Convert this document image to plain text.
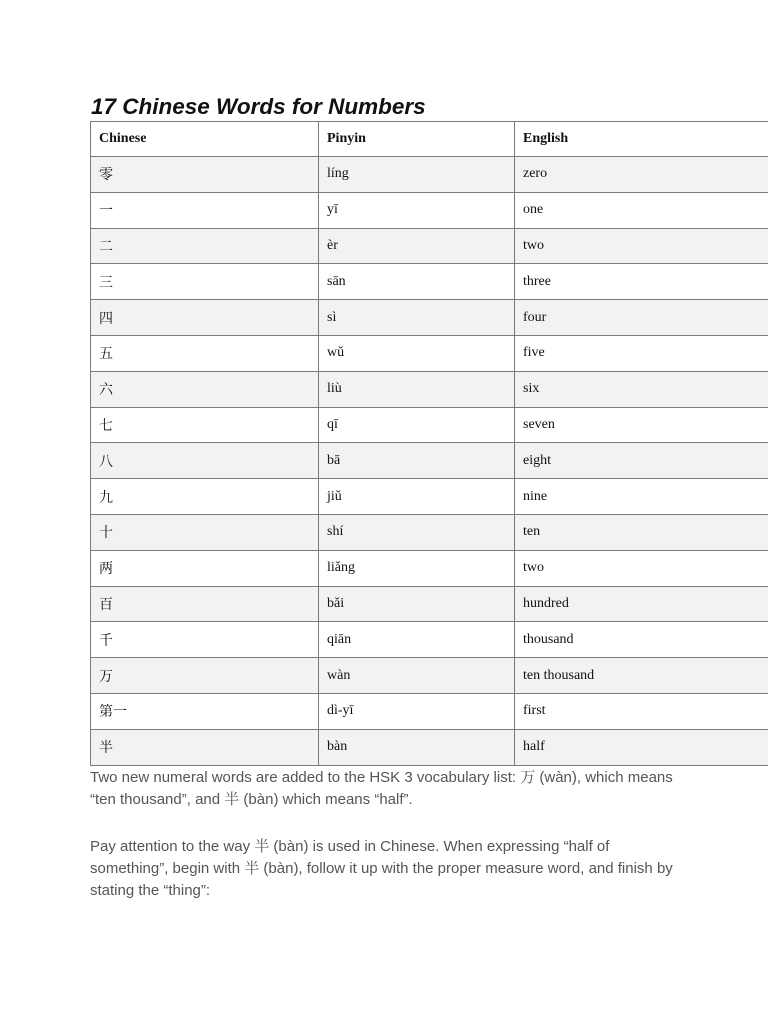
17 Chinese Words for Numbers
Chinese	Pinyin	English
零	líng	zero
一	yī	one
二	èr	two
三	sān	three
四	sì	four
五	wǔ	five
六	liù	six
七	qī	seven
八	bā	eight
九	jiǔ	nine
十	shí	ten
两	liǎng	two
百	bǎi	hundred
千	qiān	thousand
万	wàn	ten thousand
第一	dì-yī	first
半	bàn	half

Two new numeral words are added to the HSK 3 vocabulary list: 万 (wàn), which means “ten thousand”, and 半 (bàn) which means “half”.

Pay attention to the way 半 (bàn) is used in Chinese. When expressing “half of something”, begin with 半 (bàn), follow it up with the proper measure word, and finish by stating the “thing”:
